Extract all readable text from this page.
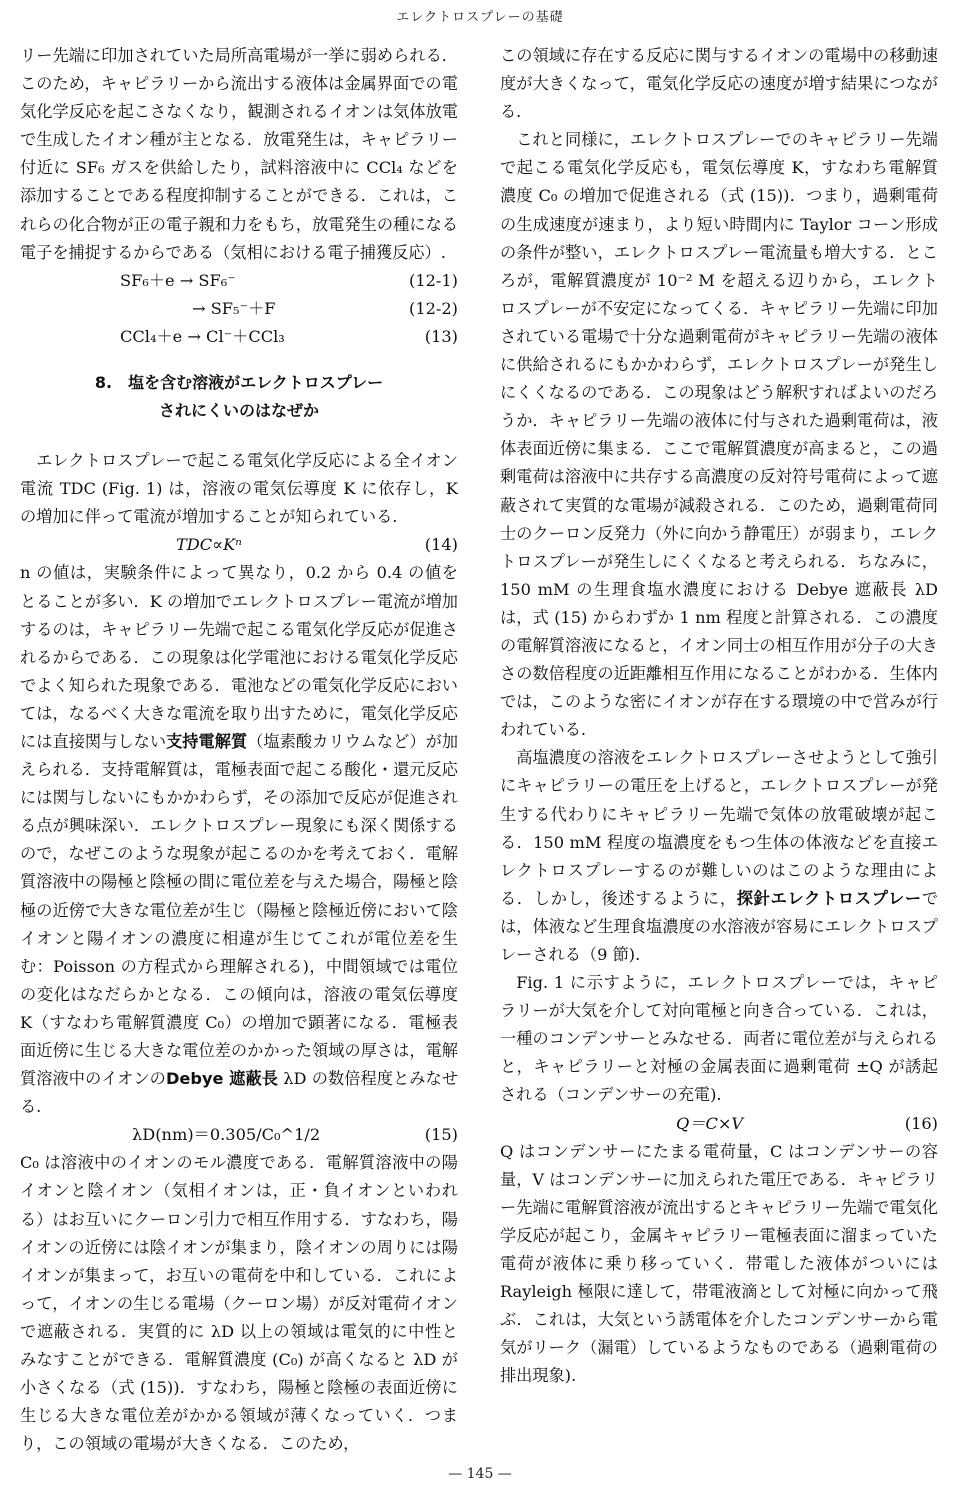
エレクトロスプレーの基礎

リー先端に印加されていた局所高電場が一挙に弱められる．このため，キャピラリーから流出する液体は金属界面での電気化学反応を起こさなくなり，観測されるイオンは気体放電で生成したイオン種が主となる．放電発生は，キャピラリー付近に SF₆ ガスを供給したり，試料溶液中に CCl₄ などを添加することである程度抑制することができる．これは，これらの化合物が正の電子親和力をもち，放電発生の種になる電子を捕捉するからである（気相における電子捕獲反応）.

SF₆＋e → SF₆⁻	(12-1)
→ SF₅⁻＋F	(12-2)
CCl₄＋e → Cl⁻＋CCl₃	(13)
8.　塩を含む溶液がエレクトロスプレー
されにくいのはなぜか

エレクトロスプレーで起こる電気化学反応による全イオン電流 TDC (Fig. 1) は，溶液の電気伝導度 K に依存し，K の増加に伴って電流が増加することが知られている.

TDC∝Kⁿ	(14)

n の値は，実験条件によって異なり，0.2 から 0.4 の値をとることが多い．K の増加でエレクトロスプレー電流が増加するのは，キャピラリー先端で起こる電気化学反応が促進されるからである．この現象は化学電池における電気化学反応でよく知られた現象である．電池などの電気化学反応においては，なるべく大きな電流を取り出すために，電気化学反応には直接関与しない支持電解質（塩素酸カリウムなど）が加えられる．支持電解質は，電極表面で起こる酸化・還元反応には関与しないにもかかわらず，その添加で反応が促進される点が興味深い．エレクトロスプレー現象にも深く関係するので，なぜこのような現象が起こるのかを考えておく．電解質溶液中の陽極と陰極の間に電位差を与えた場合，陽極と陰極の近傍で大きな電位差が生じ（陽極と陰極近傍において陰イオンと陽イオンの濃度に相違が生じてこれが電位差を生む：Poisson の方程式から理解される)，中間領域では電位の変化はなだらかとなる．この傾向は，溶液の電気伝導度 K（すなわち電解質濃度 C₀）の増加で顕著になる．電極表面近傍に生じる大きな電位差のかかった領域の厚さは，電解質溶液中のイオンのDebye 遮蔽長 λD の数倍程度とみなせる.

λD(nm)＝0.305/C₀^1/2	(15)

C₀ は溶液中のイオンのモル濃度である．電解質溶液中の陽イオンと陰イオン（気相イオンは，正・負イオンといわれる）はお互いにクーロン引力で相互作用する．すなわち，陽イオンの近傍には陰イオンが集まり，陰イオンの周りには陽イオンが集まって，お互いの電荷を中和している．これによって，イオンの生じる電場（クーロン場）が反対電荷イオンで遮蔽される．実質的に λD 以上の領域は電気的に中性とみなすことができる．電解質濃度 (C₀) が高くなると λD が小さくなる（式 (15))．すなわち，陽極と陰極の表面近傍に生じる大きな電位差がかかる領域が薄くなっていく．つまり，この領域の電場が大きくなる．このため，

この領域に存在する反応に関与するイオンの電場中の移動速度が大きくなって，電気化学反応の速度が増す結果につながる.

これと同様に，エレクトロスプレーでのキャピラリー先端で起こる電気化学反応も，電気伝導度 K，すなわち電解質濃度 C₀ の増加で促進される（式 (15))．つまり，過剰電荷の生成速度が速まり，より短い時間内に Taylor コーン形成の条件が整い，エレクトロスプレー電流量も増大する．ところが，電解質濃度が 10⁻² M を超える辺りから，エレクトロスプレーが不安定になってくる．キャピラリー先端に印加されている電場で十分な過剰電荷がキャピラリー先端の液体に供給されるにもかかわらず，エレクトロスプレーが発生しにくくなるのである．この現象はどう解釈すればよいのだろうか．キャピラリー先端の液体に付与された過剰電荷は，液体表面近傍に集まる．ここで電解質濃度が高まると，この過剰電荷は溶液中に共存する高濃度の反対符号電荷によって遮蔽されて実質的な電場が減殺される．このため，過剰電荷同士のクーロン反発力（外に向かう静電圧）が弱まり，エレクトロスプレーが発生しにくくなると考えられる．ちなみに，150 mM の生理食塩水濃度における Debye 遮蔽長 λD は，式 (15) からわずか 1 nm 程度と計算される．この濃度の電解質溶液になると，イオン同士の相互作用が分子の大きさの数倍程度の近距離相互作用になることがわかる．生体内では，このような密にイオンが存在する環境の中で営みが行われている.

高塩濃度の溶液をエレクトロスプレーさせようとして強引にキャピラリーの電圧を上げると，エレクトロスプレーが発生する代わりにキャピラリー先端で気体の放電破壊が起こる．150 mM 程度の塩濃度をもつ生体の体液などを直接エレクトロスプレーするのが難しいのはこのような理由による．しかし，後述するように，探針エレクトロスプレーでは，体液など生理食塩濃度の水溶液が容易にエレクトロスプレーされる（9 節).

Fig. 1 に示すように，エレクトロスプレーでは，キャピラリーが大気を介して対向電極と向き合っている．これは，一種のコンデンサーとみなせる．両者に電位差が与えられると，キャピラリーと対極の金属表面に過剰電荷 ±Q が誘起される（コンデンサーの充電).

Q＝C×V	(16)

Q はコンデンサーにたまる電荷量，C はコンデンサーの容量，V はコンデンサーに加えられた電圧である．キャピラリー先端に電解質溶液が流出するとキャピラリー先端で電気化学反応が起こり，金属キャピラリー電極表面に溜まっていた電荷が液体に乗り移っていく．帯電した液体がついには Rayleigh 極限に達して，帯電液滴として対極に向かって飛ぶ．これは，大気という誘電体を介したコンデンサーから電気がリーク（漏電）しているようなものである（過剰電荷の排出現象).

— 145 —
